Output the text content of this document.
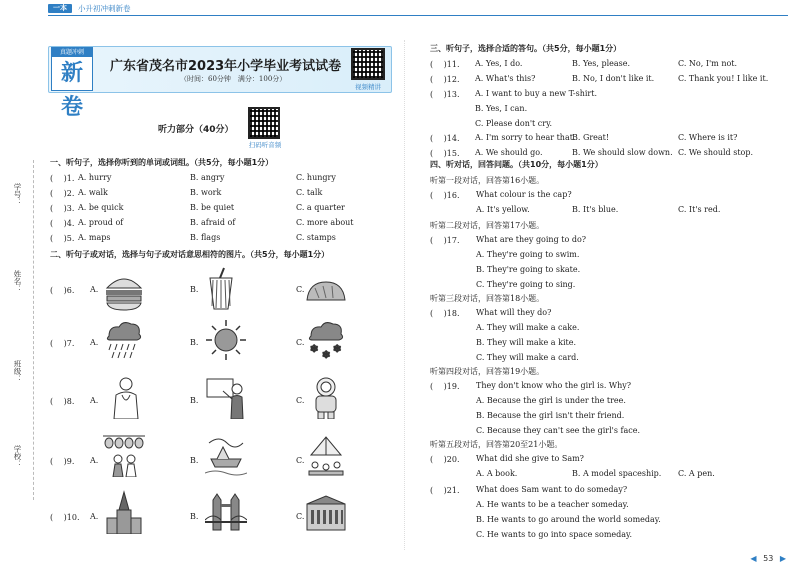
一本	小升初冲刺新卷
学号：
姓名：
班级：
学校：
真题冲刺
新卷
广东省茂名市2023年小学毕业考试试卷
（时间：60分钟　满分：100分）
视频精讲
听力部分（40分）
扫码听音频
一、听句子，选择你听到的单词或词组。（共5分，每小题1分）
( 　)1. A. hurry	B. angry	C. hungry
( 　)2. A. walk	B. work	C. talk
( 　)3. A. be quick	B. be quiet	C. a quarter
( 　)4. A. proud of	B. afraid of	C. more about
( 　)5. A. maps	B. flags	C. stamps
二、听句子或对话，选择与句子或对话意思相符的图片。（共5分，每小题1分）
( 　)6. A.	B.	C.
( 　)7. A.	B.	C.
( 　)8. A.	B.	C.
( 　)9. A.	B.	C.
( 　)10. A.	B.	C.
❄
❄
❄
三、听句子，选择合适的答句。（共5分，每小题1分）
( 　)11. A. Yes, I do.	B. Yes, please.	C. No, I'm not.
( 　)12. A. What's this?	B. No, I don't like it.	C. Thank you! I like it.
( 　)13. A. I want to buy a new T-shirt.
B. Yes, I can.
C. Please don't cry.
( 　)14. A. I'm sorry to hear that.
B. Great!	C. Where is it?
( 　)15. A. We should go.	B. We should slow down. C. We should stop.
四、听对话，回答问题。（共10分，每小题1分）
听第一段对话，回答第16小题。
( 　)16. What colour is the cap?
A. It's yellow.	B. It's blue.	C. It's red.
听第二段对话，回答第17小题。
( 　)17. What are they going to do?
A. They're going to swim.
B. They're going to skate.
C. They're going to sing.
听第三段对话，回答第18小题。
( 　)18. What will they do?
A. They will make a cake.
B. They will make a kite.
C. They will make a card.
听第四段对话，回答第19小题。
( 　)19. They don't know who the girl is. Why?
A. Because the girl is under the tree.
B. Because the girl isn't their friend.
C. Because they can't see the girl's face.
听第五段对话，回答第20至21小题。
( 　)20. What did she give to Sam?
A. A book.	B. A model spaceship. C. A pen.
( 　)21. What does Sam want to do someday?
A. He wants to be a teacher someday.
B. He wants to go around the world someday.
C. He wants to go into space someday.
◀ 53 ▶
